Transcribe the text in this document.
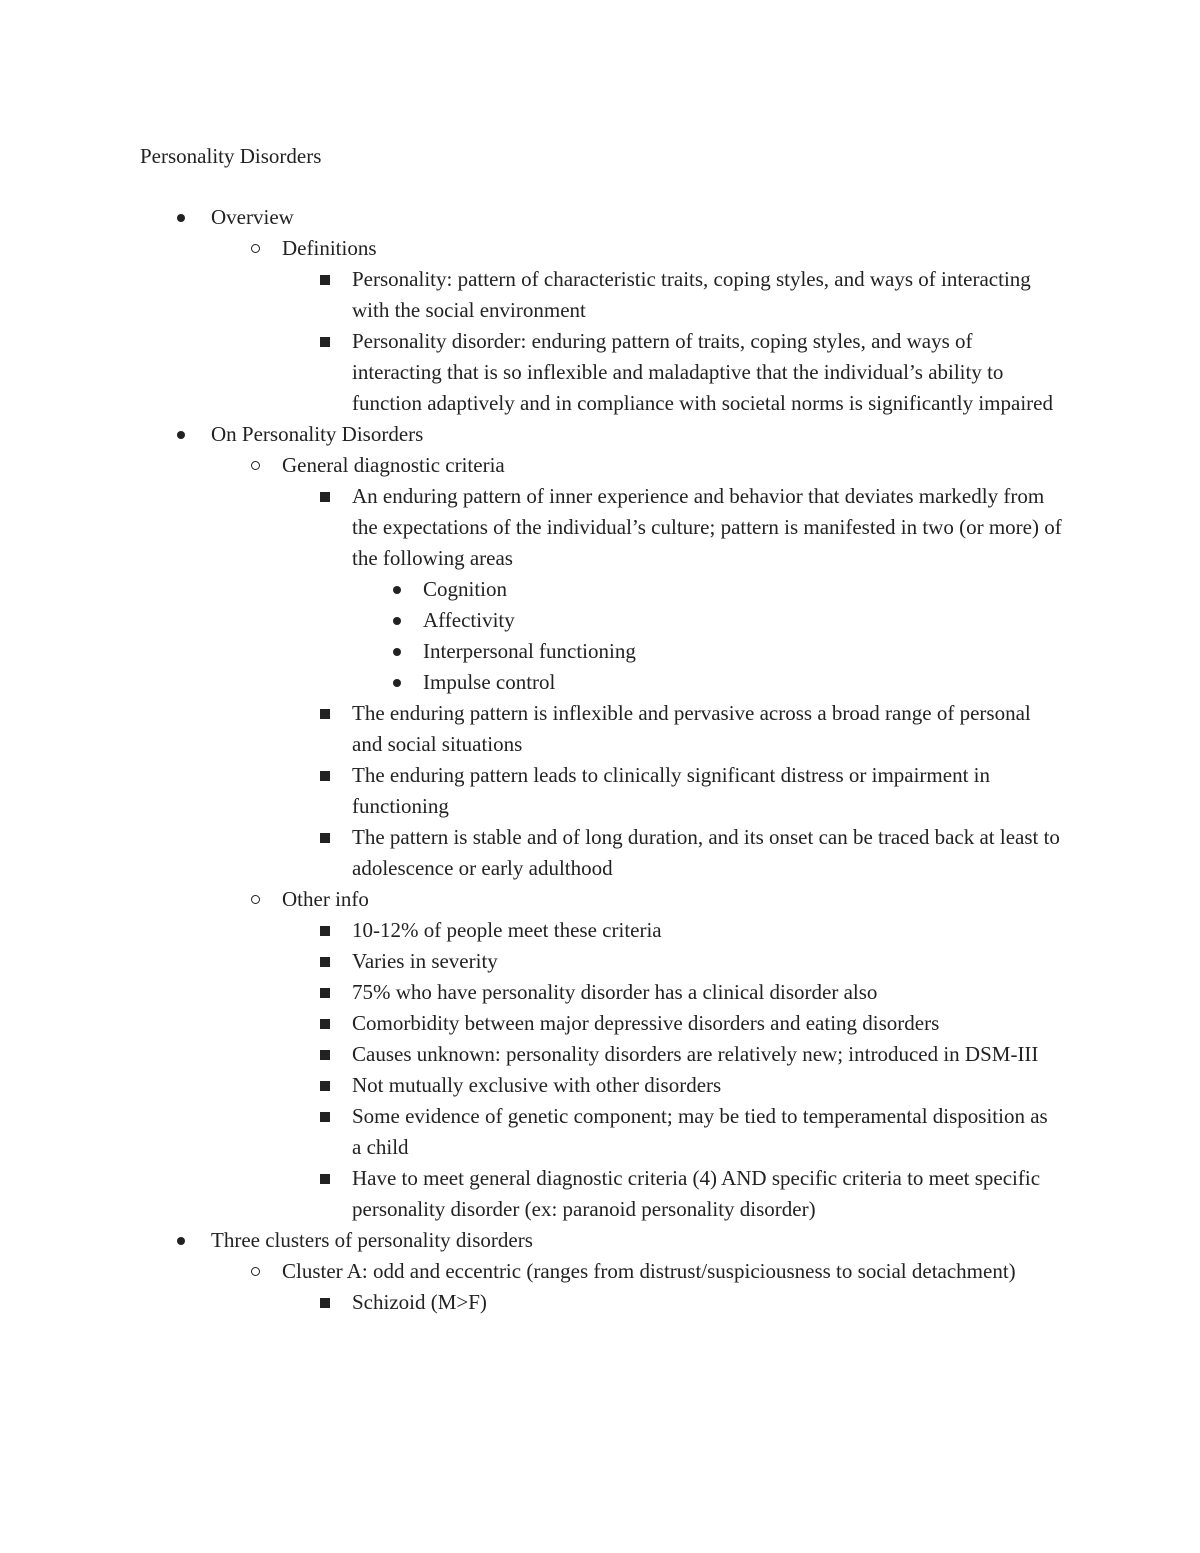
Personality Disorders
Overview
Definitions
Personality: pattern of characteristic traits, coping styles, and ways of interacting with the social environment
Personality disorder: enduring pattern of traits, coping styles, and ways of interacting that is so inflexible and maladaptive that the individual’s ability to function adaptively and in compliance with societal norms is significantly impaired
On Personality Disorders
General diagnostic criteria
An enduring pattern of inner experience and behavior that deviates markedly from the expectations of the individual’s culture; pattern is manifested in two (or more) of the following areas
Cognition
Affectivity
Interpersonal functioning
Impulse control
The enduring pattern is inflexible and pervasive across a broad range of personal and social situations
The enduring pattern leads to clinically significant distress or impairment in functioning
The pattern is stable and of long duration, and its onset can be traced back at least to adolescence or early adulthood
Other info
10-12% of people meet these criteria
Varies in severity
75% who have personality disorder has a clinical disorder also
Comorbidity between major depressive disorders and eating disorders
Causes unknown: personality disorders are relatively new; introduced in DSM-III
Not mutually exclusive with other disorders
Some evidence of genetic component; may be tied to temperamental disposition as a child
Have to meet general diagnostic criteria (4) AND specific criteria to meet specific personality disorder (ex: paranoid personality disorder)
Three clusters of personality disorders
Cluster A: odd and eccentric (ranges from distrust/suspiciousness to social detachment)
Schizoid (M>F)
